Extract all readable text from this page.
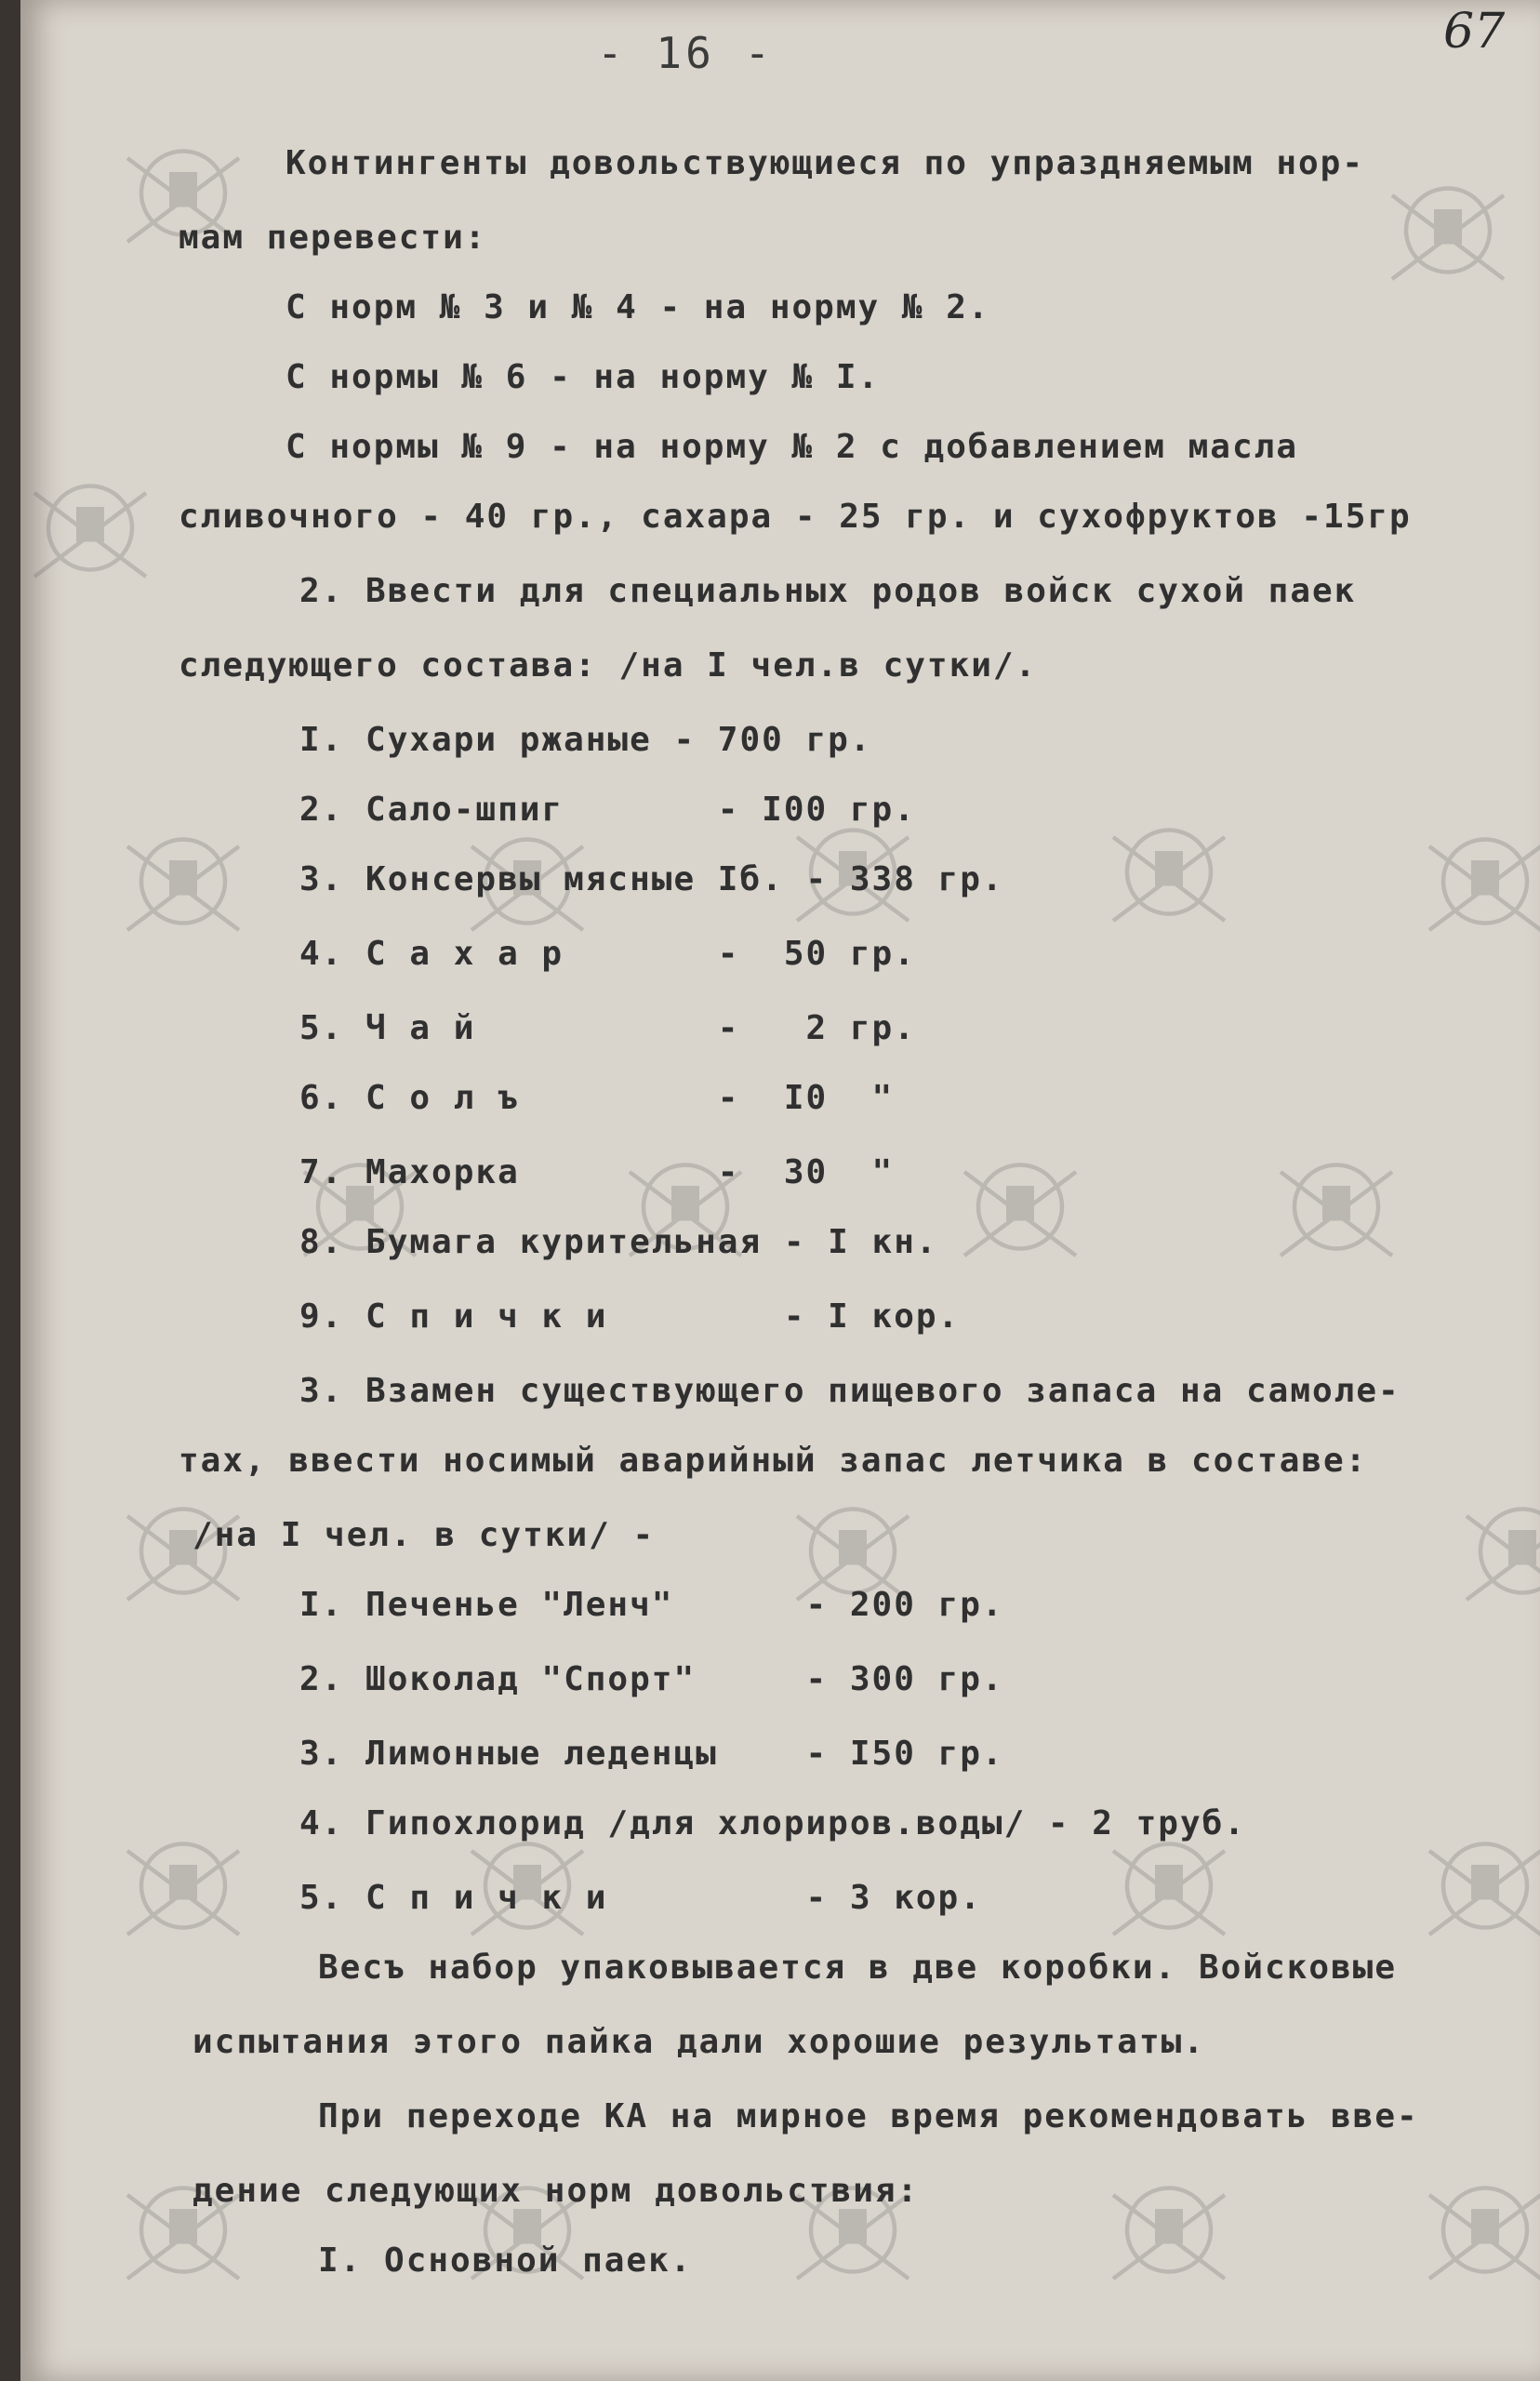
- 16 -	67
Контингенты довольствующиеся по упраздняемым нор-
мам перевести:
С норм № 3 и № 4 - на норму № 2.
С нормы № 6 - на норму № I.
С нормы № 9 - на норму № 2 с добавлением масла
сливочного - 40 гр., сахара - 25 гр. и сухофруктов -15гр
2. Ввести для специальных родов войск сухой паек
следующего состава: /на I чел.в сутки/.
I. Сухари ржаные - 700 гр.
2. Сало-шпиг       - I00 гр.
3. Консервы мясные Iб. - 338 гр.
4. С а х а р       -  50 гр.
5. Ч а й           -   2 гр.
6. С о л ъ         -  I0  "
7. Махорка         -  30  "
8. Бумага курительная - I кн.
9. С п и ч к и        - I кор.
3. Взамен существующего пищевого запаса на самоле-
тах, ввести носимый аварийный запас летчика в составе:
/на I чел. в сутки/ -
I. Печенье "Ленч"      - 200 гр.
2. Шоколад "Спорт"     - 300 гр.
3. Лимонные леденцы    - I50 гр.
4. Гипохлорид /для хлориров.воды/ - 2 труб.
5. С п и ч к и         - 3 кор.
Весъ набор упаковывается в две коробки. Войсковые
испытания этого пайка дали хорошие результаты.
При переходе КА на мирное время рекомендовать вве-
дение следующих норм довольствия:
I. Основной паек.
